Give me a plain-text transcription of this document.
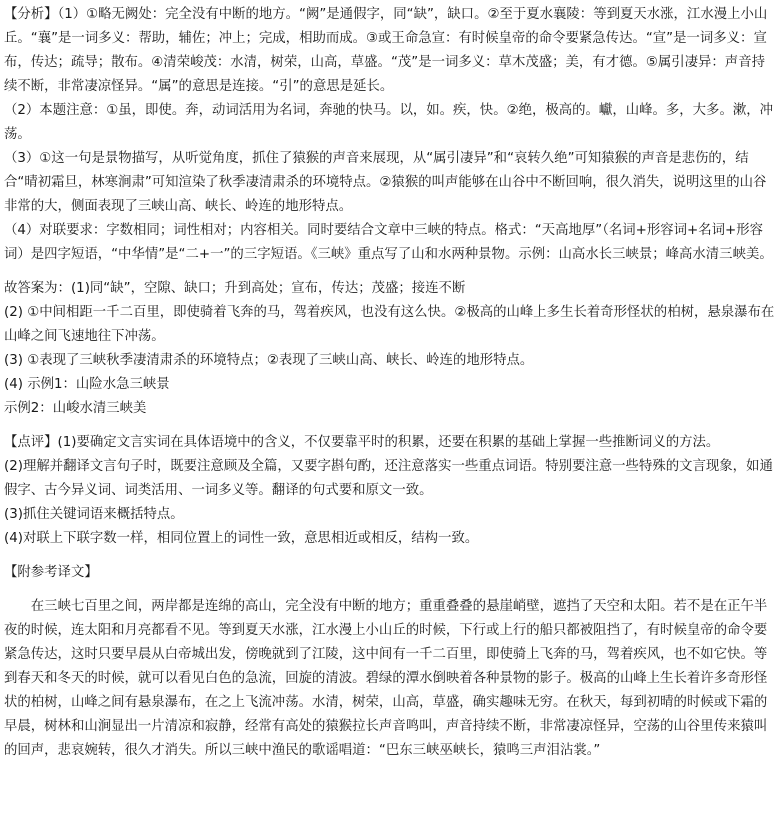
【分析】（1）①略无阙处：完全没有中断的地方。“阙”是通假字，同“缺”，缺口。②至于夏水襄陵：等到夏天水涨，江水漫上小山丘。“襄”是一词多义：帮助，辅佐；冲上；完成，相助而成。③或王命急宣：有时候皇帝的命令要紧急传达。“宣”是一词多义：宣布，传达；疏导；散布。④清荣峻茂：水清，树荣，山高，草盛。“茂”是一词多义：草木茂盛；美，有才德。⑤属引凄异：声音持续不断，非常凄凉怪异。“属”的意思是连接。“引”的意思是延长。

（2）本题注意：①虽，即使。奔，动词活用为名词，奔驰的快马。以，如。疾，快。②绝，极高的。巘，山峰。多，大多。漱，冲荡。

（3）①这一句是景物描写，从听觉角度，抓住了猿猴的声音来展现，从“属引凄异”和“哀转久绝”可知猿猴的声音是悲伤的，结合“晴初霜旦，林寒涧肃”可知渲染了秋季凄清肃杀的环境特点。②猿猴的叫声能够在山谷中不断回响，很久消失，说明这里的山谷非常的大，侧面表现了三峡山高、峡长、岭连的地形特点。

（4）对联要求：字数相同；词性相对；内容相关。同时要结合文章中三峡的特点。格式：“天高地厚”（名词+形容词+名词+形容词）是四字短语，“中华情”是“二+一”的三字短语。《三峡》重点写了山和水两种景物。示例：山高水长三峡景；峰高水清三峡美。

故答案为：(1)同“缺”，空隙、缺口；升到高处；宣布，传达；茂盛；接连不断

(2) ①中间相距一千二百里，即使骑着飞奔的马，驾着疾风，也没有这么快。②极高的山峰上多生长着奇形怪状的柏树，悬泉瀑布在山峰之间飞速地往下冲荡。

(3) ①表现了三峡秋季凄清肃杀的环境特点；②表现了三峡山高、峡长、岭连的地形特点。

(4) 示例1：山险水急三峡景

示例2：山峻水清三峡美

【点评】(1)要确定文言实词在具体语境中的含义，不仅要靠平时的积累，还要在积累的基础上掌握一些推断词义的方法。

(2)理解并翻译文言句子时，既要注意顾及全篇，又要字斟句酌，还注意落实一些重点词语。特别要注意一些特殊的文言现象，如通假字、古今异义词、词类活用、一词多义等。翻译的句式要和原文一致。

(3)抓住关键词语来概括特点。

(4)对联上下联字数一样，相同位置上的词性一致，意思相近或相反，结构一致。

【附参考译文】

在三峡七百里之间，两岸都是连绵的高山，完全没有中断的地方；重重叠叠的悬崖峭壁，遮挡了天空和太阳。若不是在正午半夜的时候，连太阳和月亮都看不见。等到夏天水涨，江水漫上小山丘的时候，下行或上行的船只都被阻挡了，有时候皇帝的命令要紧急传达，这时只要早晨从白帝城出发，傍晚就到了江陵，这中间有一千二百里，即使骑上飞奔的马，驾着疾风，也不如它快。等到春天和冬天的时候，就可以看见白色的急流，回旋的清波。碧绿的潭水倒映着各种景物的影子。极高的山峰上生长着许多奇形怪状的柏树，山峰之间有悬泉瀑布，在之上飞流冲荡。水清，树荣，山高，草盛，确实趣味无穷。在秋天，每到初晴的时候或下霜的早晨，树林和山涧显出一片清凉和寂静，经常有高处的猿猴拉长声音鸣叫，声音持续不断，非常凄凉怪异，空荡的山谷里传来猿叫的回声，悲哀婉转，很久才消失。所以三峡中渔民的歌谣唱道：“巴东三峡巫峡长，猿鸣三声泪沾裳。”
